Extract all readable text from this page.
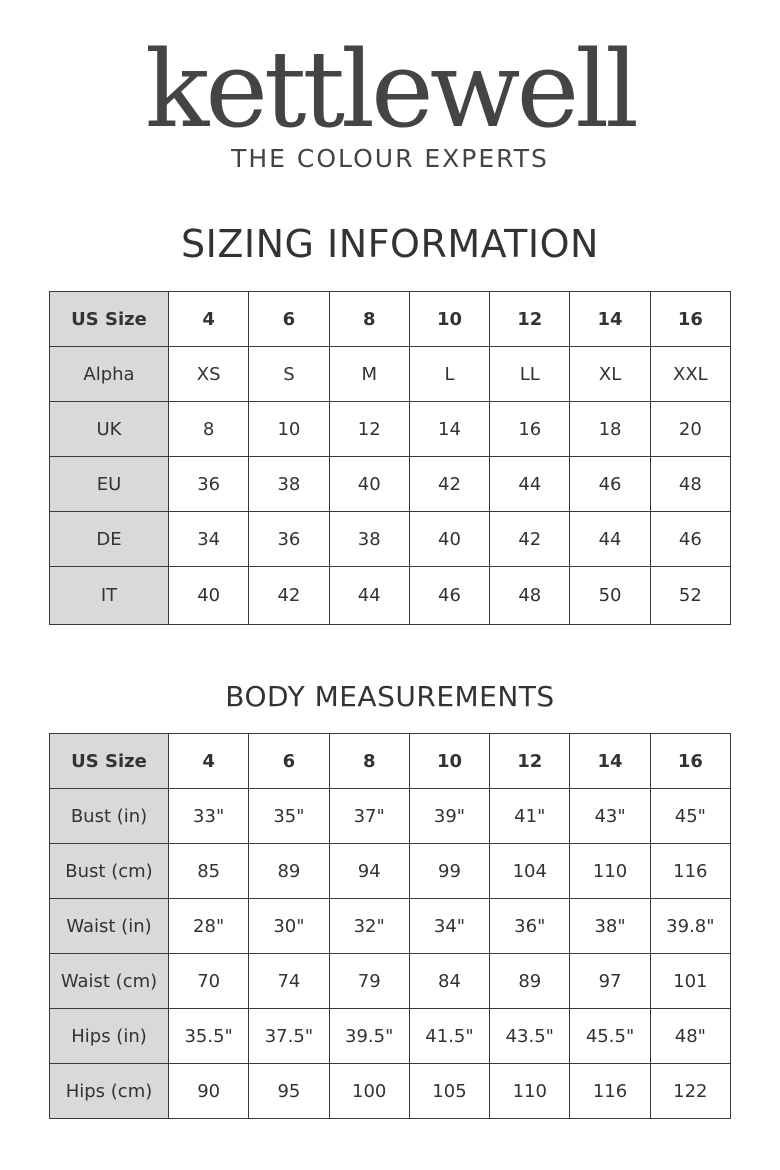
kettlewell
THE COLOUR EXPERTS
SIZING INFORMATION
US Size	4	6	8	10	12	14	16
Alpha	XS	S	M	L	LL	XL	XXL
UK	8	10	12	14	16	18	20
EU	36	38	40	42	44	46	48
DE	34	36	38	40	42	44	46
IT	40	42	44	46	48	50	52
BODY MEASUREMENTS
US Size	4	6	8	10	12	14	16
Bust (in)	33"	35"	37"	39"	41"	43"	45"
Bust (cm)	85	89	94	99	104	110	116
Waist (in)	28"	30"	32"	34"	36"	38"	39.8"
Waist (cm)	70	74	79	84	89	97	101
Hips (in)	35.5"	37.5"	39.5"	41.5"	43.5"	45.5"	48"
Hips (cm)	90	95	100	105	110	116	122
